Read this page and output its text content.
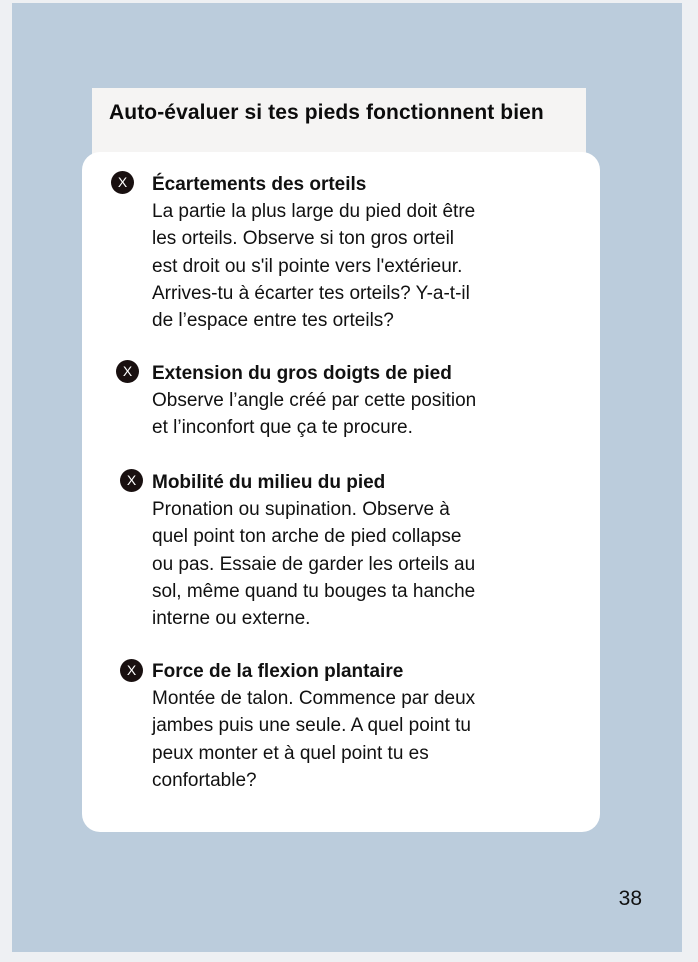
Auto-évaluer si tes pieds fonctionnent bien
X	Écartements des orteils
La partie la plus large du pied doit être
les orteils. Observe si ton gros orteil
est droit ou s'il pointe vers l'extérieur.
Arrives-tu à écarter tes orteils? Y-a-t-il
de l’espace entre tes orteils?
X	Extension du gros doigts de pied
Observe l’angle créé par cette position
et l’inconfort que ça te procure.
X Mobilité du milieu du pied
Pronation ou supination. Observe à
quel point ton arche de pied collapse
ou pas. Essaie de garder les orteils au
sol, même quand tu bouges ta hanche
interne ou externe.
X Force de la flexion plantaire
Montée de talon. Commence par deux
jambes puis une seule. A quel point tu
peux monter et à quel point tu es
confortable?
38
